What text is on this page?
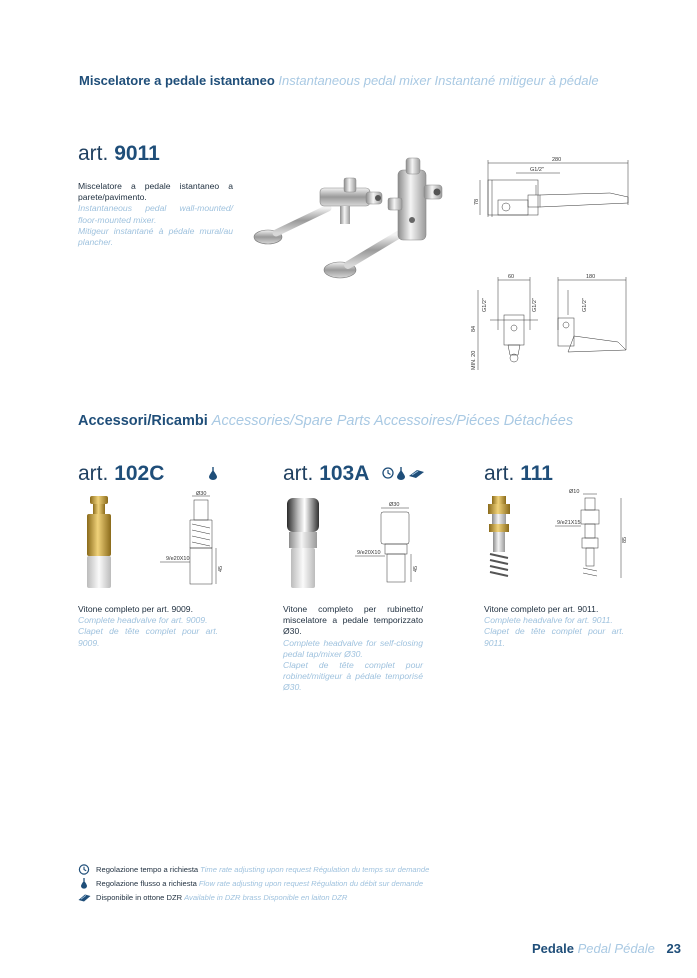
Miscelatore a pedale istantaneo Instantaneous pedal mixer Instantané mitigeur à pédale
art. 9011
Miscelatore a pedale istantaneo a parete/pavimento.
Instantaneous pedal wall-mounted/ floor-mounted mixer.
Mitigeur instantané à pédale mural/au plancher.
280
G1/2"
78
60	180
G1/2"	G1/2"	G1/2"
84
MIN. 20
Accessori/Ricambi Accessories/Spare Parts Accessoires/Piéces Détachées
art. 102C
Ø30
9/e20X10
45
Vitone completo per art. 9009.
Complete headvalve for art. 9009.
Clapet de tête complet pour art. 9009.
art. 103A
Ø30
9/e20X10
45
Vitone completo per rubinetto/ miscelatore a pedale temporizzato Ø30.
Complete headvalve for self-closing pedal tap/mixer Ø30.
Clapet de tête complet pour robinet/mitigeur à pédale temporisé Ø30.
art. 111
Ø10
9/e21X15
85
Vitone completo per art. 9011.
Complete headvalve for art. 9011.
Clapet de tête complet pour art. 9011.
Regolazione tempo a richiesta Time rate adjusting upon request Régulation du temps sur demande
Regolazione flusso a richiesta Flow rate adjusting upon request Régulation du débit sur demande
Disponibile in ottone DZR Available in DZR brass Disponible en laiton DZR
Pedale Pedal Pédale 23
